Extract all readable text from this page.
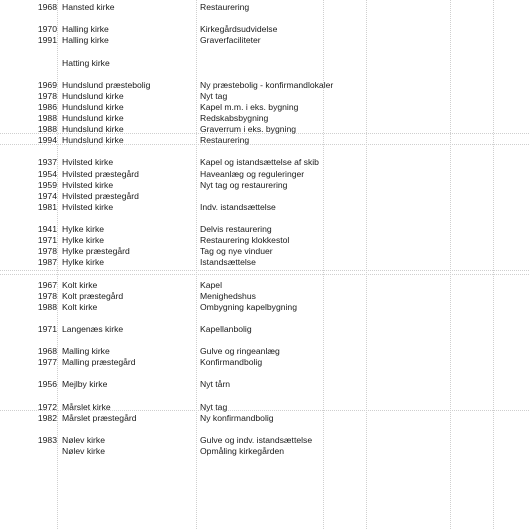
1968 Hansted kirke	Restaurering
1970 Halling kirke	Kirkegårdsudvidelse
1991 Halling kirke	Graverfaciliteter
Hatting kirke
1969 Hundslund præstebolig	Ny præstebolig - konfirmandlokaler
1978 Hundslund kirke	Nyt tag
1986 Hundslund kirke	Kapel m.m. i eks. bygning
1988 Hundslund kirke	Redskabsbygning
1988 Hundslund kirke	Graverrum i eks. bygning
1994 Hundslund kirke	Restaurering
1937 Hvilsted kirke	Kapel og istandsættelse af skib
1954 Hvilsted præstegård	Haveanlæg og reguleringer
1959 Hvilsted kirke	Nyt tag og restaurering
1974 Hvilsted præstegård
1981 Hvilsted kirke	Indv. istandsættelse
1941 Hylke kirke	Delvis restaurering
1971 Hylke kirke	Restaurering klokkestol
1978 Hylke præstegård	Tag og nye vinduer
1987 Hylke kirke	Istandsættelse
1967 Kolt kirke	Kapel
1978 Kolt præstegård	Menighedshus
1988 Kolt kirke	Ombygning kapelbygning
1971 Langenæs kirke	Kapellanbolig
1968 Malling kirke	Gulve og ringeanlæg
1977 Malling præstegård	Konfirmandbolig
1956 Mejlby kirke	Nyt tårn
1972 Mårslet kirke	Nyt tag
1982 Mårslet præstegård	Ny konfirmandbolig
1983 Nølev kirke	Gulve og indv. istandsættelse
Nølev kirke	Opmåling kirkegården
